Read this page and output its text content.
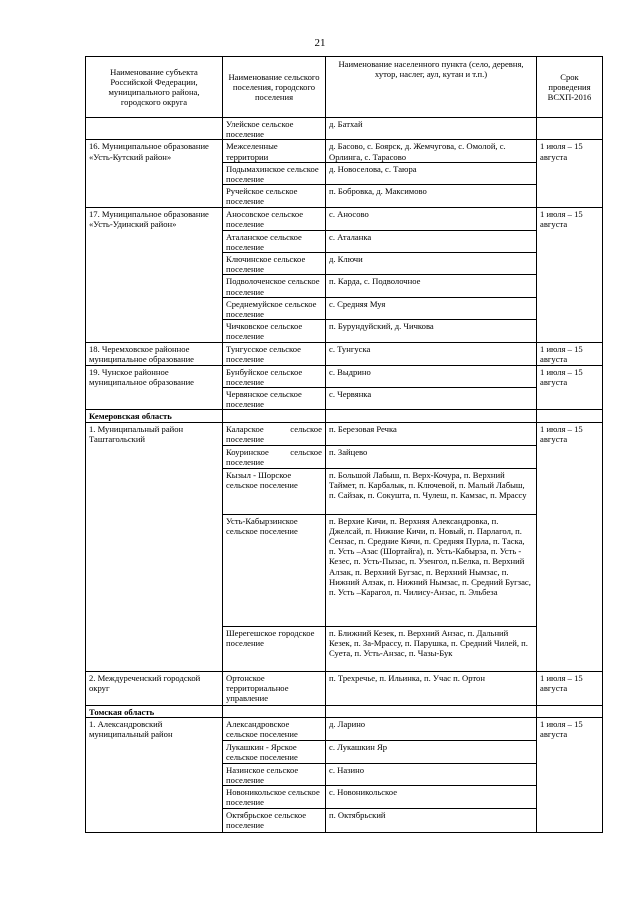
21
Наименование субъекта Российской Федерации, муниципального района, городского округа	Наименование сельского поселения, городского поселения	Наименование населенного пункта (село, деревня, хутор, наслег, аул, кутан и т.п.)	Срок проведения ВСХП-2016
	Улейское сельское поселение	д. Батхай	
16. Муниципальное образование «Усть-Кутский район»	Межселенные территории	д. Басово, с. Боярск, д. Жемчугова, с. Омолой, с. Орлинга, с. Тарасово	1 июля – 15 августа
	Подымахинское сельское поселение	д. Новоселова, с. Таюра	
	Ручейское сельское поселение	п. Бобровка, д. Максимово	
17. Муниципальное образование «Усть-Удинский район»	Аносовское сельское поселение	с. Аносово	1 июля – 15 августа
	Аталанское сельское поселение	с. Аталанка	
	Ключинское сельское поселение	д. Ключи	
	Подволоченское сельское поселение	п. Карда, с. Подволочное	
	Среднемуйское сельское поселение	с. Средняя Муя	
	Чичковское сельское поселение	п. Бурундуйский, д. Чичкова	
18. Черемховское районное муниципальное образование	Тунгусское сельское поселение	с. Тунгуска	1 июля – 15 августа
19. Чунское районное муниципальное образование	Бунбуйское сельское поселение	с. Выдрино	1 июля – 15 августа
	Червянское сельское поселение	с. Червянка	
Кемеровская область			
1. Муниципальный район Таштагольский	Каларское сельское поселение	п. Березовая Речка	1 июля – 15 августа
	Коуринское сельское поселение	п. Зайцево	
	Кызыл - Шорское сельское поселение	п. Большой Лабыш, п. Верх-Кочура, п. Верхний Таймет, п. Карбалык, п. Ключевой, п. Малый Лабыш, п. Сайзак, п. Сокушта, п. Чулеш, п. Камзас, п. Мрассу	
	Усть-Кабырзинское сельское поселение	п. Верхие Кичи, п. Верхняя Александровка, п. Джелсай, п. Нижние Кичи, п. Новый, п. Парлагол, п. Сензас, п. Средние Кичи, п. Средняя Пурла, п. Таска, п. Усть –Азас (Шортайга), п. Усть-Кабырза, п. Усть - Кезес, п. Усть-Пызас, п. Узенгол, п.Белка, п. Верхний Алзак, п. Верхний Бугзас, п. Верхний Нымзас, п. Нижний Алзак, п. Нижний Нымзас, п. Средний Бугзас, п. Усть –Карагол, п. Чилису-Анзас, п. Эльбеза	
	Шерегешское городское поселение	п. Ближний Кезек, п. Верхний Анзас, п. Дальний Кезек, п. За-Мрассу, п. Парушка, п. Средний Чилей, п. Суета, п. Усть-Анзас, п. Чазы-Бук	
2. Междуреченский городской округ	Ортонское территориальное управление	п. Трехречье, п. Ильинка, п. Учас п. Ортон	1 июля – 15 августа
Томская область			
1. Александровский муниципальный район	Александровское сельское поселение	д. Ларино	1 июля – 15 августа
	Лукашкин - Ярское сельское поселение	с. Лукашкин Яр	
	Назинское сельское поселение	с. Назино	
	Новоникольское сельское поселение	с. Новоникольское	
	Октябрьское сельское поселение	п. Октябрьский	
